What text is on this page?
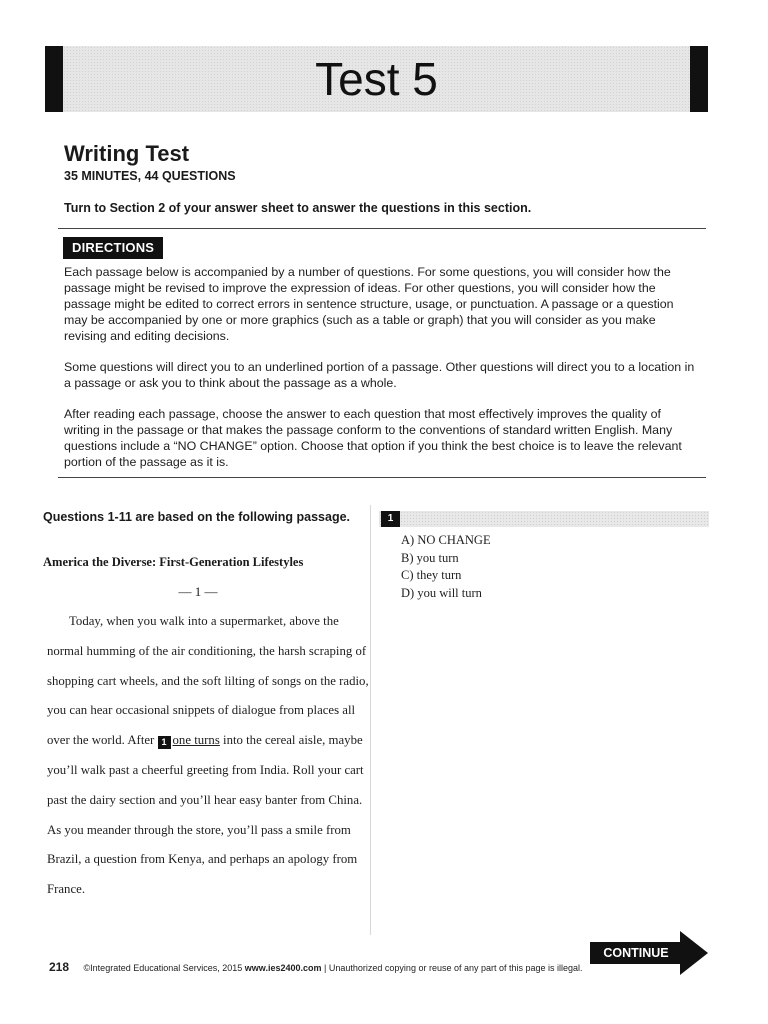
Test 5
Writing Test
35 MINUTES, 44 QUESTIONS
Turn to Section 2 of your answer sheet to answer the questions in this section.
DIRECTIONS

Each passage below is accompanied by a number of questions. For some questions, you will consider how the passage might be revised to improve the expression of ideas. For other questions, you will consider how the passage might be edited to correct errors in sentence structure, usage, or punctuation. A passage or a question may be accompanied by one or more graphics (such as a table or graph) that you will consider as you make revising and editing decisions.

Some questions will direct you to an underlined portion of a passage. Other questions will direct you to a location in a passage or ask you to think about the passage as a whole.

After reading each passage, choose the answer to each question that most effectively improves the quality of writing in the passage or that makes the passage conform to the conventions of standard written English. Many questions include a “NO CHANGE” option. Choose that option if you think the best choice is to leave the relevant portion of the passage as it is.

Questions 1-11 are based on the following passage.
America the Diverse: First-Generation Lifestyles
— 1 —
Today, when you walk into a supermarket, above the
normal humming of the air conditioning, the harsh scraping of
shopping cart wheels, and the soft lilting of songs on the radio,
you can hear occasional snippets of dialogue from places all
over the world. After 1 one turns into the cereal aisle, maybe
you’ll walk past a cheerful greeting from India. Roll your cart
past the dairy section and you’ll hear easy banter from China.
As you meander through the store, you’ll pass a smile from
Brazil, a question from Kenya, and perhaps an apology from
France.
1
A) NO CHANGE
B) you turn
C) they turn
D) you will turn
218 ©Integrated Educational Services, 2015 www.ies2400.com | Unauthorized copying or reuse of any part of this page is illegal.
CONTINUE
